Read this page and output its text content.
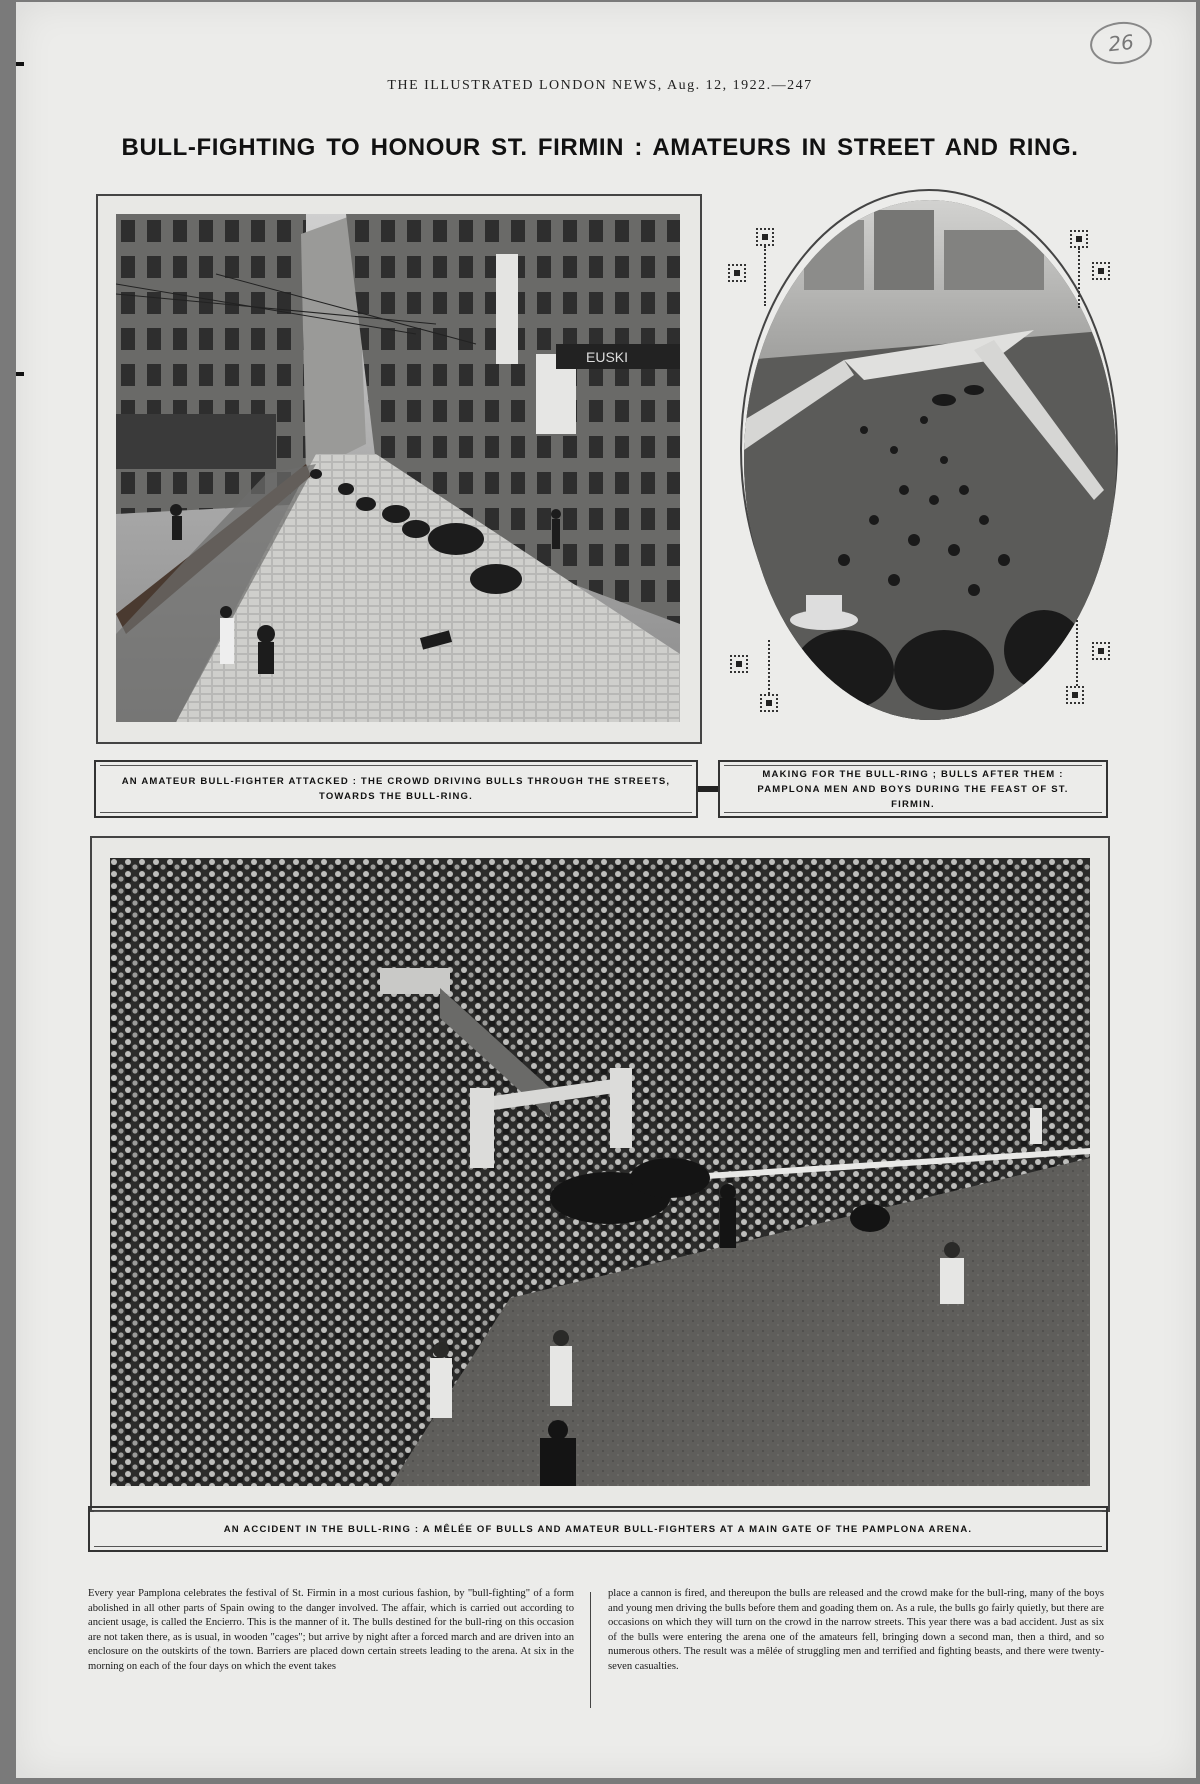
26
THE ILLUSTRATED LONDON NEWS, Aug. 12, 1922.—247
BULL-FIGHTING TO HONOUR ST. FIRMIN : AMATEURS IN STREET AND RING.
EUSKI
AN AMATEUR BULL-FIGHTER ATTACKED : THE CROWD DRIVING BULLS THROUGH THE STREETS, TOWARDS THE BULL-RING.
MAKING FOR THE BULL-RING ; BULLS AFTER THEM : PAMPLONA MEN AND BOYS DURING THE FEAST OF ST. FIRMIN.
AN ACCIDENT IN THE BULL-RING : A MÊLÉE OF BULLS AND AMATEUR BULL-FIGHTERS AT A MAIN GATE OF THE PAMPLONA ARENA.
Every year Pamplona celebrates the festival of St. Firmin in a most curious fashion, by "bull-fighting" of a form abolished in all other parts of Spain owing to the danger involved. The affair, which is carried out according to ancient usage, is called the Encierro. This is the manner of it. The bulls destined for the bull-ring on this occasion are not taken there, as is usual, in wooden "cages"; but arrive by night after a forced march and are driven into an enclosure on the outskirts of the town. Barriers are placed down certain streets leading to the arena. At six in the morning on each of the four days on which the event takes
place a cannon is fired, and thereupon the bulls are released and the crowd make for the bull-ring, many of the boys and young men driving the bulls before them and goading them on. As a rule, the bulls go fairly quietly, but there are occasions on which they will turn on the crowd in the narrow streets. This year there was a bad accident. Just as six of the bulls were entering the arena one of the amateurs fell, bringing down a second man, then a third, and so numerous others. The result was a mêlée of struggling men and terrified and fighting beasts, and there were twenty-seven casualties.
